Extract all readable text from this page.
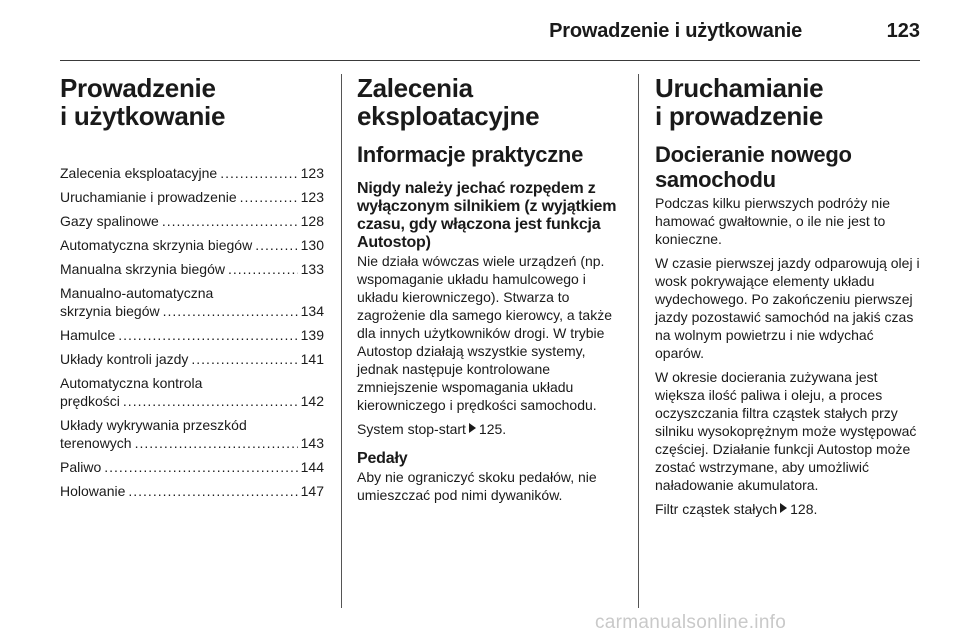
Prowadzenie i użytkowanie	123
Prowadzenie
i użytkowanie
Zalecenia eksploatacyjne .....	123
Uruchamianie i prowadzenie .....	123
Gazy spalinowe .....	128
Automatyczna skrzynia biegów .....	130
Manualna skrzynia biegów .....	133
Manualno-automatyczna
skrzynia biegów .....	134
Hamulce .....	139
Układy kontroli jazdy .....	141
Automatyczna kontrola
prędkości .....	142
Układy wykrywania przeszkód
terenowych .....	143
Paliwo .....	144
Holowanie .....	147
Zalecenia
eksploatacyjne
Informacje praktyczne
Nigdy należy jechać rozpędem z wyłączonym silnikiem (z wyjątkiem czasu, gdy włączona jest funkcja Autostop)

Nie działa wówczas wiele urządzeń (np. wspomaganie układu hamulcowego i układu kierowniczego). Stwarza to zagrożenie dla samego kierowcy, a także dla innych użytkowników drogi. W trybie Autostop działają wszystkie systemy, jednak następuje kontrolowane zmniejszenie wspomagania układu kierowniczego i prędkości samochodu.

System stop-start 125.

Pedały

Aby nie ograniczyć skoku pedałów, nie umieszczać pod nimi dywaników.

Uruchamianie
i prowadzenie
Docieranie nowego
samochodu

Podczas kilku pierwszych podróży nie hamować gwałtownie, o ile nie jest to konieczne.

W czasie pierwszej jazdy odparowują olej i wosk pokrywające elementy układu wydechowego. Po zakończeniu pierwszej jazdy pozostawić samochód na jakiś czas na wolnym powietrzu i nie wdychać oparów.

W okresie docierania zużywana jest większa ilość paliwa i oleju, a proces oczyszczania filtra cząstek stałych przy silniku wysokoprężnym może występować częściej. Działanie funkcji Autostop może zostać wstrzymane, aby umożliwić naładowanie akumulatora.

Filtr cząstek stałych 128.

carmanualsonline.info
